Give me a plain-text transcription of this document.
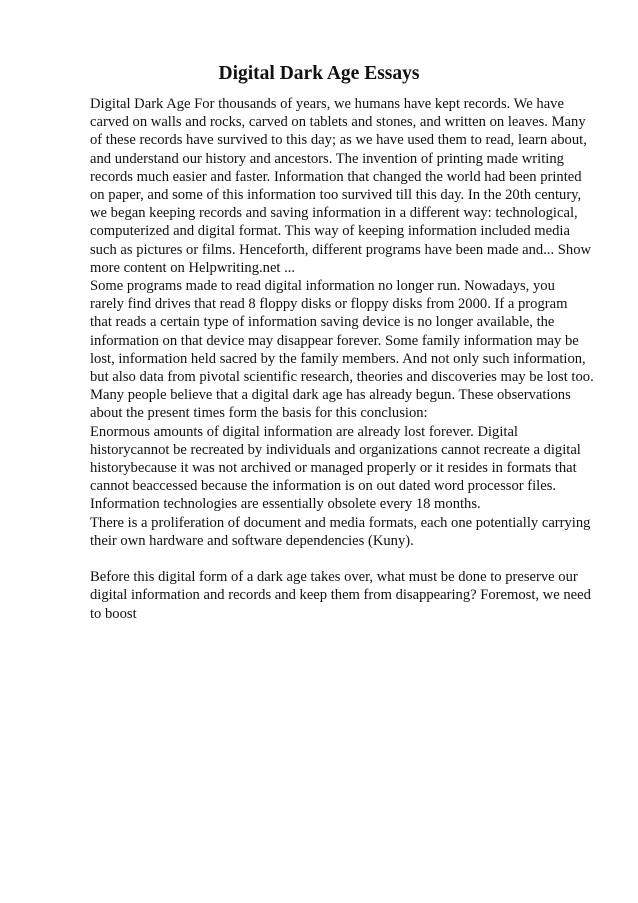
Digital Dark Age Essays
Digital Dark Age For thousands of years, we humans have kept records. We have
carved on walls and rocks, carved on tablets and stones, and written on leaves. Many
of these records have survived to this day; as we have used them to read, learn about,
and understand our history and ancestors. The invention of printing made writing
records much easier and faster. Information that changed the world had been printed
on paper, and some of this information too survived till this day. In the 20th century,
we began keeping records and saving information in a different way: technological,
computerized and digital format. This way of keeping information included media
such as pictures or films. Henceforth, different programs have been made and... Show
more content on Helpwriting.net ...
Some programs made to read digital information no longer run. Nowadays, you
rarely find drives that read 8 floppy disks or floppy disks from 2000. If a program
that reads a certain type of information saving device is no longer available, the
information on that device may disappear forever. Some family information may be
lost, information held sacred by the family members. And not only such information,
but also data from pivotal scientific research, theories and discoveries may be lost too.
Many people believe that a digital dark age has already begun. These observations
about the present times form the basis for this conclusion:
Enormous amounts of digital information are already lost forever. Digital
historycannot be recreated by individuals and organizations cannot recreate a digital
historybecause it was not archived or managed properly or it resides in formats that
cannot beaccessed because the information is on out dated word processor files.
Information technologies are essentially obsolete every 18 months.
There is a proliferation of document and media formats, each one potentially carrying
their own hardware and software dependencies (Kuny).
Before this digital form of a dark age takes over, what must be done to preserve our
digital information and records and keep them from disappearing? Foremost, we need
to boost
